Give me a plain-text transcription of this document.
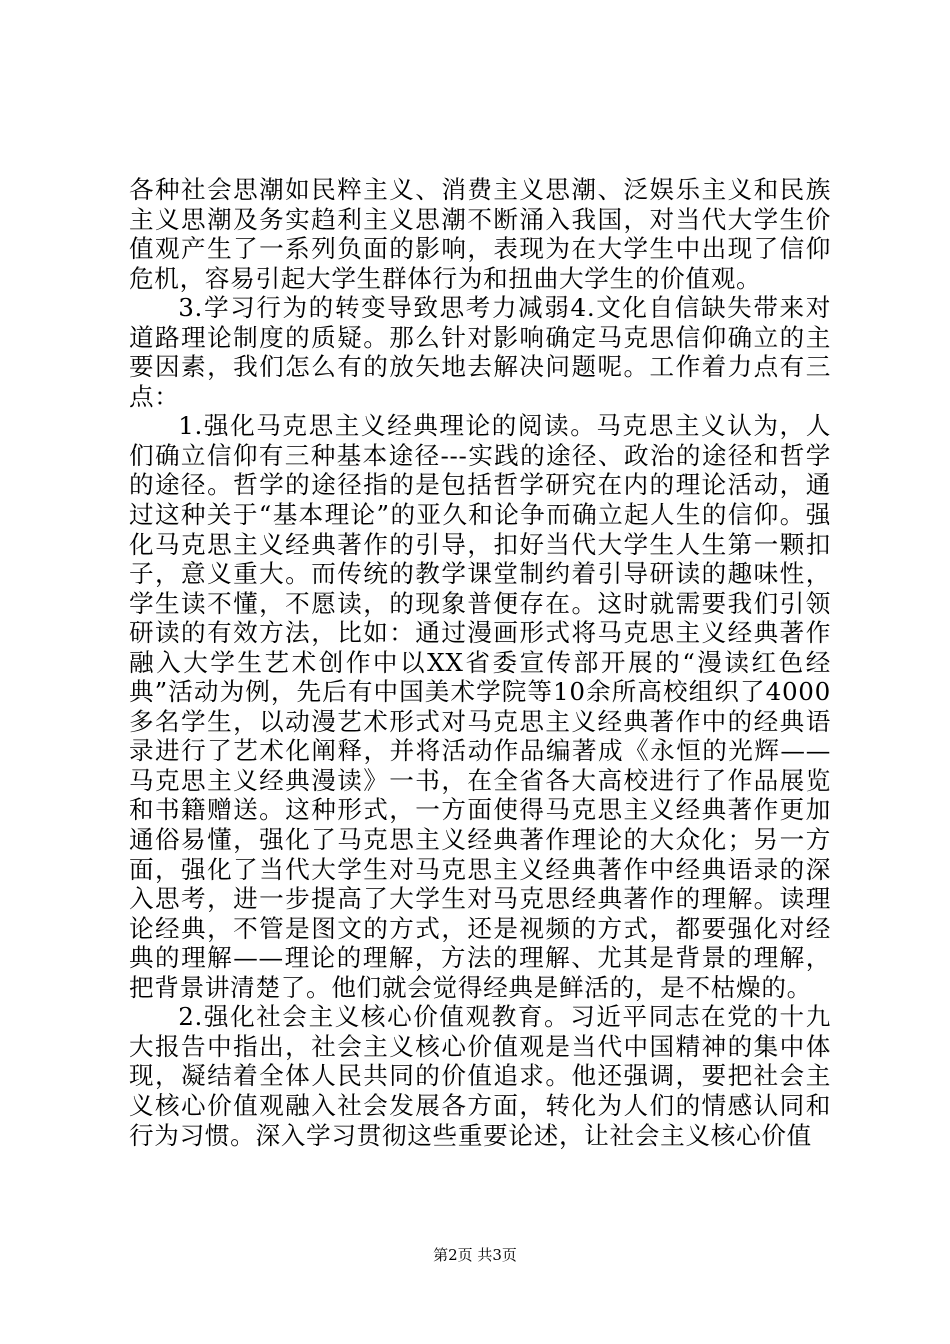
各种社会思潮如民粹主义、消费主义思潮、泛娱乐主义和民族主义思潮及务实趋利主义思潮不断涌入我国，对当代大学生价值观产生了一系列负面的影响，表现为在大学生中出现了信仰危机，容易引起大学生群体行为和扭曲大学生的价值观。

3.学习行为的转变导致思考力减弱4.文化自信缺失带来对道路理论制度的质疑。那么针对影响确定马克思信仰确立的主要因素，我们怎么有的放矢地去解决问题呢。工作着力点有三点：

1.强化马克思主义经典理论的阅读。马克思主义认为，人们确立信仰有三种基本途径---实践的途径、政治的途径和哲学的途径。哲学的途径指的是包括哲学研究在内的理论活动，通过这种关于“基本理论”的亚久和论争而确立起人生的信仰。强化马克思主义经典著作的引导，扣好当代大学生人生第一颗扣子，意义重大。而传统的教学课堂制约着引导研读的趣味性，学生读不懂，不愿读，的现象普便存在。这时就需要我们引领研读的有效方法，比如：通过漫画形式将马克思主义经典著作融入大学生艺术创作中以XX省委宣传部开展的“漫读红色经典”活动为例，先后有中国美术学院等10余所高校组织了4000多名学生，以动漫艺术形式对马克思主义经典著作中的经典语录进行了艺术化阐释，并将活动作品编著成《永恒的光辉——马克思主义经典漫读》一书，在全省各大高校进行了作品展览和书籍赠送。这种形式，一方面使得马克思主义经典著作更加通俗易懂，强化了马克思主义经典著作理论的大众化；另一方面，强化了当代大学生对马克思主义经典著作中经典语录的深入思考，进一步提高了大学生对马克思经典著作的理解。读理论经典，不管是图文的方式，还是视频的方式，都要强化对经典的理解——理论的理解，方法的理解、尤其是背景的理解，把背景讲清楚了。他们就会觉得经典是鲜活的，是不枯燥的。

2.强化社会主义核心价值观教育。习近平同志在党的十九大报告中指出，社会主义核心价值观是当代中国精神的集中体现，凝结着全体人民共同的价值追求。他还强调，要把社会主义核心价值观融入社会发展各方面，转化为人们的情感认同和行为习惯。深入学习贯彻这些重要论述，让社会主义核心价值

第2页 共3页
